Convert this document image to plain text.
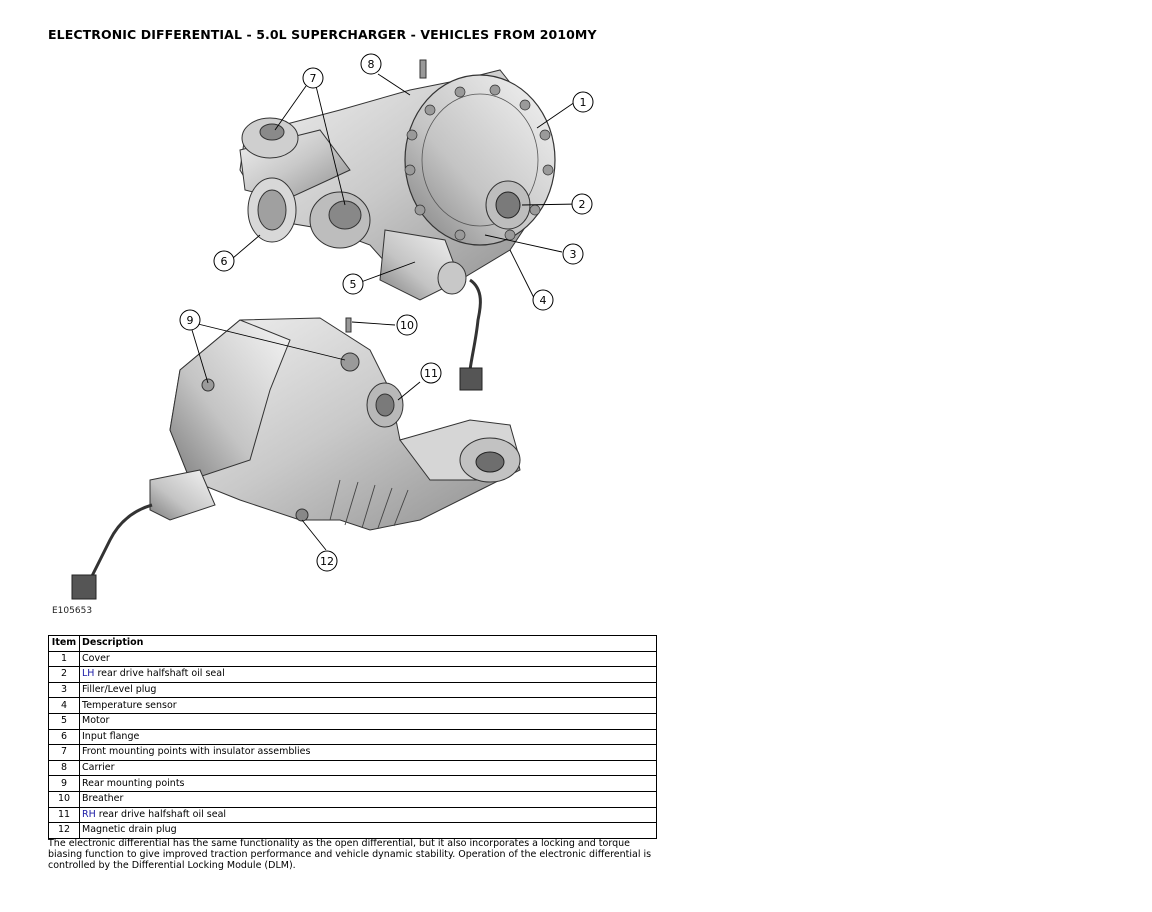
ELECTRONIC DIFFERENTIAL - 5.0L SUPERCHARGER - VEHICLES FROM 2010MY
1
2
3
4
5
6
7
8
9	10
11
12
E105653
Item	Description
1	Cover
2	LH rear drive halfshaft oil seal
3	Filler/Level plug
4	Temperature sensor
5	Motor
6	Input flange
7	Front mounting points with insulator assemblies
8	Carrier
9	Rear mounting points
10	Breather
11	RH rear drive halfshaft oil seal
12	Magnetic drain plug
The electronic differential has the same functionality as the open differential, but it also incorporates a locking and torque biasing function to give improved traction performance and vehicle dynamic stability. Operation of the electronic differential is controlled by the Differential Locking Module (DLM).
